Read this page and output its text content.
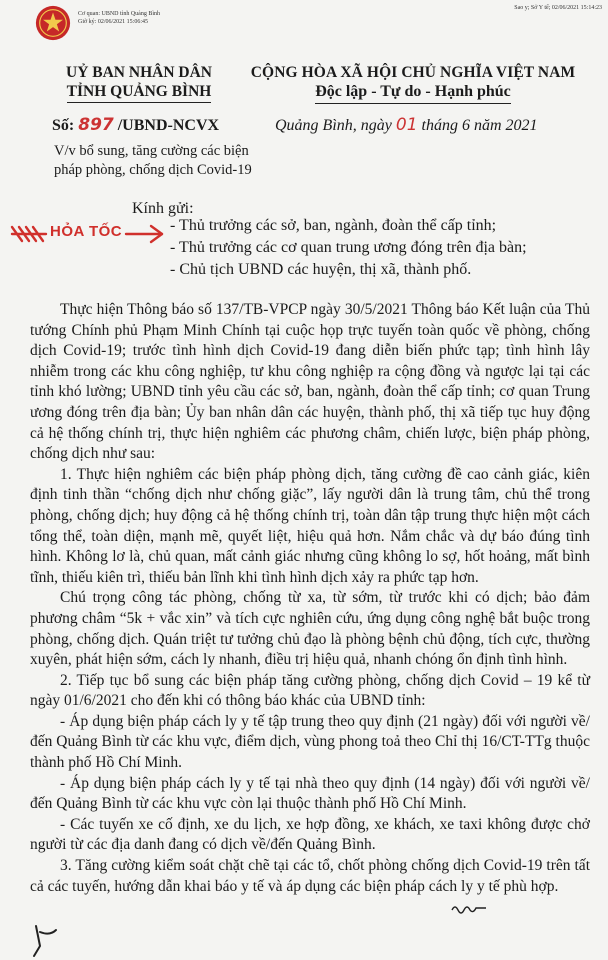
Cơ quan: UBND tỉnh Quảng Bình
Giờ ký: 02/06/2021 15:06:45
Sao y; Sở Y tế; 02/06/2021 15:14:23
UỶ BAN NHÂN DÂN
TỈNH QUẢNG BÌNH
CỘNG HÒA XÃ HỘI CHỦ NGHĨA VIỆT NAM
Độc lập - Tự do - Hạnh phúc
Số: 897 /UBND-NCVX	Quảng Bình, ngày 01 tháng 6 năm 2021
V/v bổ sung, tăng cường các biện pháp phòng, chống dịch Covid-19
Kính gửi:
HỎA TỐC	- Thủ trưởng các sở, ban, ngành, đoàn thể cấp tỉnh;
- Thủ trưởng các cơ quan trung ương đóng trên địa bàn;
- Chủ tịch UBND các huyện, thị xã, thành phố.

Thực hiện Thông báo số 137/TB-VPCP ngày 30/5/2021 Thông báo Kết luận của Thủ tướng Chính phủ Phạm Minh Chính tại cuộc họp trực tuyến toàn quốc về phòng, chống dịch Covid-19; trước tình hình dịch Covid-19 đang diễn biến phức tạp; tình hình lây nhiễm trong các khu công nghiệp, tư khu công nghiệp ra cộng đồng và ngược lại tại các tỉnh khó lường; UBND tỉnh yêu cầu các sở, ban, ngành, đoàn thể cấp tỉnh; cơ quan Trung ương đóng trên địa bàn; Ủy ban nhân dân các huyện, thành phố, thị xã tiếp tục huy động cả hệ thống chính trị, thực hiện nghiêm các phương châm, chiến lược, biện pháp phòng, chống dịch như sau:

1. Thực hiện nghiêm các biện pháp phòng dịch, tăng cường đề cao cảnh giác, kiên định tinh thần “chống dịch như chống giặc”, lấy người dân là trung tâm, chủ thể trong phòng, chống dịch; huy động cả hệ thống chính trị, toàn dân tập trung thực hiện một cách tổng thể, toàn diện, mạnh mẽ, quyết liệt, hiệu quả hơn. Nắm chắc và dự báo đúng tình hình. Không lơ là, chủ quan, mất cảnh giác nhưng cũng không lo sợ, hốt hoảng, mất bình tĩnh, thiếu kiên trì, thiếu bản lĩnh khi tình hình dịch xảy ra phức tạp hơn.

Chú trọng công tác phòng, chống từ xa, từ sớm, từ trước khi có dịch; bảo đảm phương châm “5k + vắc xin” và tích cực nghiên cứu, ứng dụng công nghệ bắt buộc trong phòng, chống dịch. Quán triệt tư tưởng chủ đạo là phòng bệnh chủ động, tích cực, thường xuyên, phát hiện sớm, cách ly nhanh, điều trị hiệu quả, nhanh chóng ổn định tình hình.

2. Tiếp tục bổ sung các biện pháp tăng cường phòng, chống dịch Covid – 19 kể từ ngày 01/6/2021 cho đến khi có thông báo khác của UBND tỉnh:

- Áp dụng biện pháp cách ly y tế tập trung theo quy định (21 ngày) đối với người về/đến Quảng Bình từ các khu vực, điểm dịch, vùng phong toả theo Chỉ thị 16/CT-TTg thuộc thành phố Hồ Chí Minh.

- Áp dụng biện pháp cách ly y tế tại nhà theo quy định (14 ngày) đối với người về/đến Quảng Bình từ các khu vực còn lại thuộc thành phố Hồ Chí Minh.

- Các tuyến xe cố định, xe du lịch, xe hợp đồng, xe khách, xe taxi không được chở người từ các địa danh đang có dịch về/đến Quảng Bình.

3. Tăng cường kiểm soát chặt chẽ tại các tổ, chốt phòng chống dịch Covid-19 trên tất cả các tuyến, hướng dẫn khai báo y tế và áp dụng các biện pháp cách ly y tế phù hợp.
